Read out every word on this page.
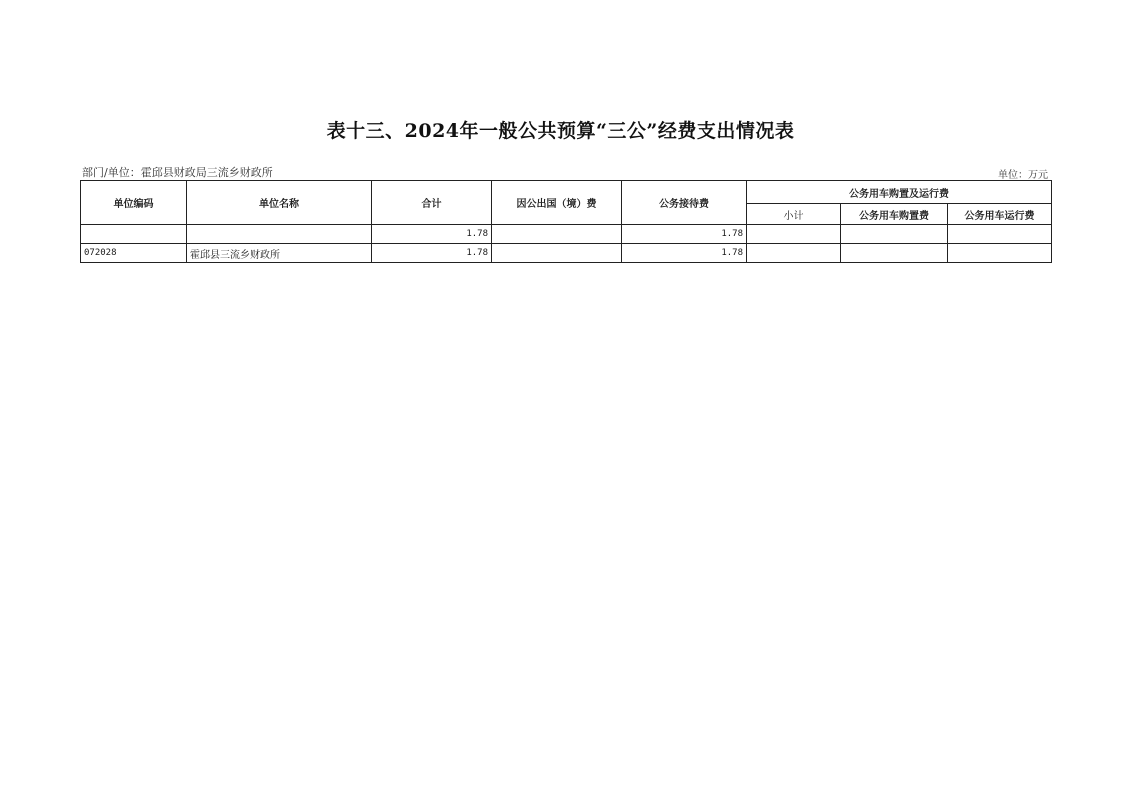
表十三、2024年一般公共预算“三公”经费支出情况表
部门/单位：霍邱县财政局三流乡财政所	单位：万元
单位编码	单位名称	合计	因公出国（境）费	公务接待费	公务用车购置及运行费		
					小计	公务用车购置费	公务用车运行费
		1.78		1.78			
072028	霍邱县三流乡财政所	1.78		1.78			
